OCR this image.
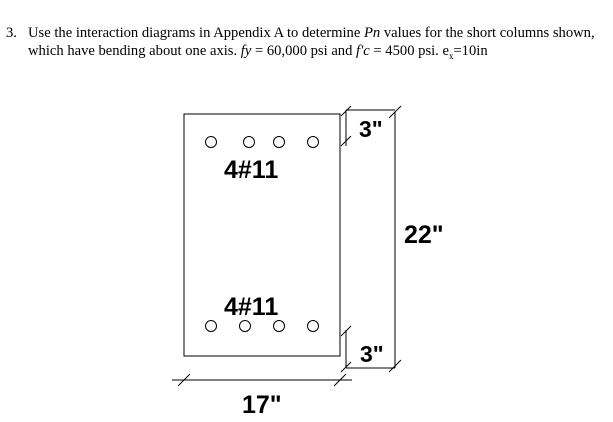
3. Use the interaction diagrams in Appendix A to determine Pn values for the short columns shown,
which have bending about one axis. fy = 60,000 psi and f′c = 4500 psi. $e_x=10in$
4#11
4#11
22"
3"
3"
17"
